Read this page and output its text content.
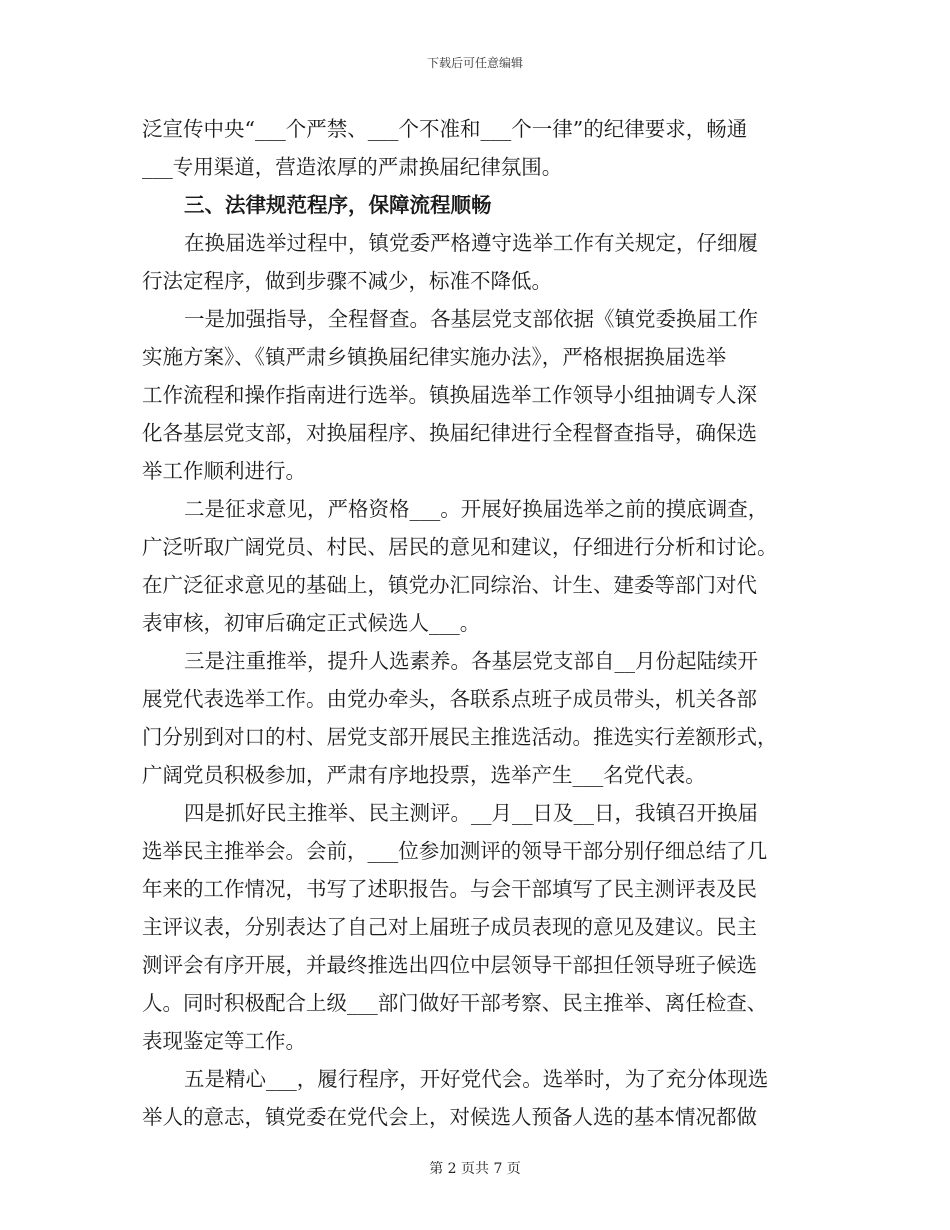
下载后可任意编辑
泛宣传中央“___个严禁、___个不准和___个一律”的纪律要求，畅通
___专用渠道，营造浓厚的严肃换届纪律氛围。
三、法律规范程序，保障流程顺畅
在换届选举过程中，镇党委严格遵守选举工作有关规定，仔细履
行法定程序，做到步骤不减少，标准不降低。
一是加强指导，全程督查。各基层党支部依据《镇党委换届工作
实施方案》、《镇严肃乡镇换届纪律实施办法》，严格根据换届选举
工作流程和操作指南进行选举。镇换届选举工作领导小组抽调专人深
化各基层党支部，对换届程序、换届纪律进行全程督查指导，确保选
举工作顺利进行。
二是征求意见，严格资格___。开展好换届选举之前的摸底调查，
广泛听取广阔党员、村民、居民的意见和建议，仔细进行分析和讨论。
在广泛征求意见的基础上，镇党办汇同综治、计生、建委等部门对代
表审核，初审后确定正式候选人___。
三是注重推举，提升人选素养。各基层党支部自__月份起陆续开
展党代表选举工作。由党办牵头，各联系点班子成员带头，机关各部
门分别到对口的村、居党支部开展民主推选活动。推选实行差额形式，
广阔党员积极参加，严肃有序地投票，选举产生___名党代表。
四是抓好民主推举、民主测评。__月__日及__日，我镇召开换届
选举民主推举会。会前，___位参加测评的领导干部分别仔细总结了几
年来的工作情况，书写了述职报告。与会干部填写了民主测评表及民
主评议表，分别表达了自己对上届班子成员表现的意见及建议。民主
测评会有序开展，并最终推选出四位中层领导干部担任领导班子候选
人。同时积极配合上级___部门做好干部考察、民主推举、离任检查、
表现鉴定等工作。
五是精心___，履行程序，开好党代会。选举时，为了充分体现选
举人的意志，镇党委在党代会上，对候选人预备人选的基本情况都做
第 2 页共 7 页
